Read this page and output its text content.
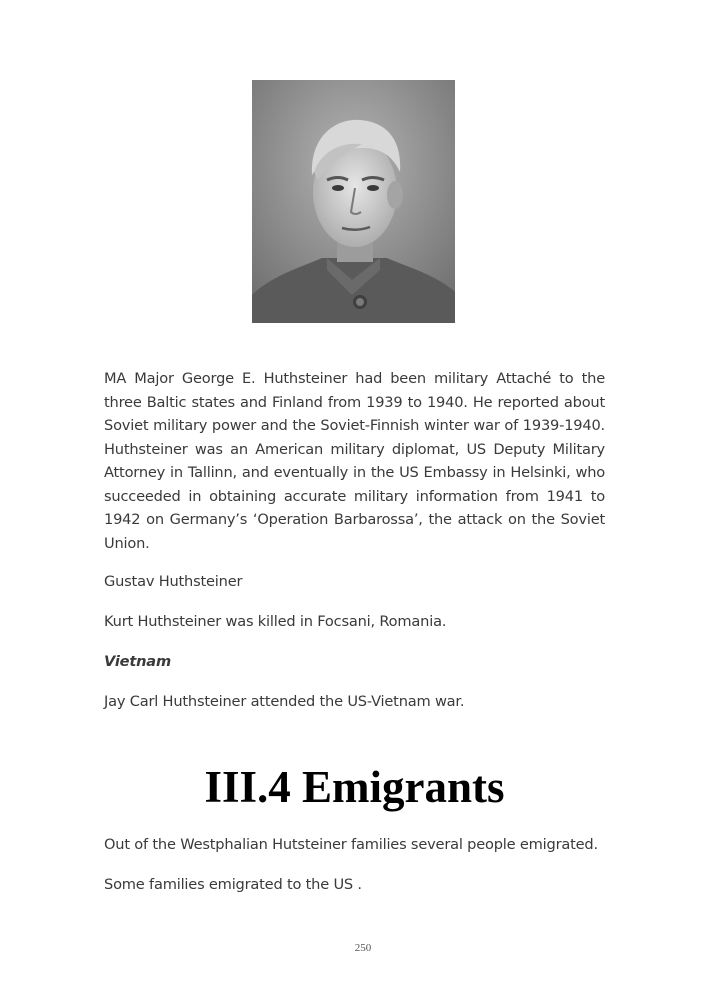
MA Major George E. Huthsteiner had been military Attaché to the three Baltic states and Finland from 1939 to 1940. He reported about Soviet military power and the Soviet-Finnish winter war of 1939-1940. Huthsteiner was an American military diplomat, US Deputy Military Attorney in Tallinn, and eventually in the US Embassy in Helsinki, who succeeded in obtaining accurate military information from 1941 to 1942 on Germany’s ‘Operation Barbarossa’, the attack on the Soviet Union.

Gustav Huthsteiner

Kurt Huthsteiner was killed in Focsani, Romania.

Vietnam

Jay Carl Huthsteiner attended the US-Vietnam war.

III.4 Emigrants

Out of the Westphalian Hutsteiner families several people emigrated.

Some families emigrated to the US .

250
